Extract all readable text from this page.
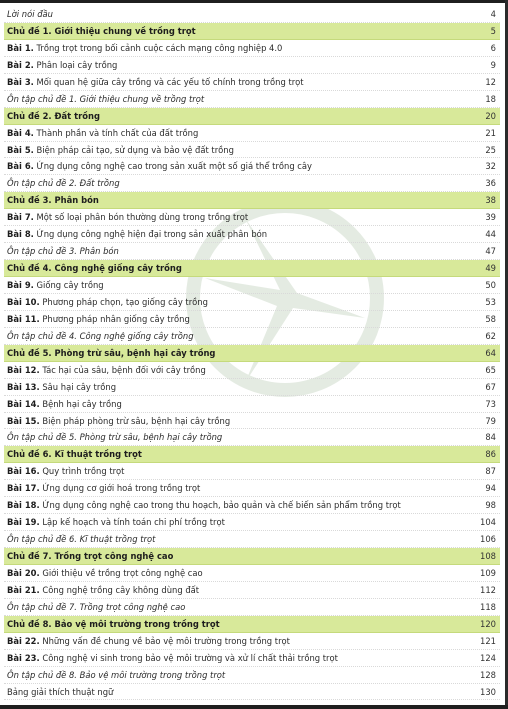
Lời nói đầu	4
Chủ đề 1. Giới thiệu chung về trồng trọt	5
Bài 1. Trồng trọt trong bối cảnh cuộc cách mạng công nghiệp 4.0	6
Bài 2. Phân loại cây trồng	9
Bài 3. Mối quan hệ giữa cây trồng và các yếu tố chính trong trồng trọt	12
Ôn tập chủ đề 1. Giới thiệu chung về trồng trọt	18
Chủ đề 2. Đất trồng	20
Bài 4. Thành phần và tính chất của đất trồng	21
Bài 5. Biện pháp cải tạo, sử dụng và bảo vệ đất trồng	25
Bài 6. Ứng dụng công nghệ cao trong sản xuất một số giá thể trồng cây	32
Ôn tập chủ đề 2. Đất trồng	36
Chủ đề 3. Phân bón	38
Bài 7. Một số loại phân bón thường dùng trong trồng trọt	39
Bài 8. Ứng dụng công nghệ hiện đại trong sản xuất phân bón	44
Ôn tập chủ đề 3. Phân bón	47
Chủ đề 4. Công nghệ giống cây trồng	49
Bài 9. Giống cây trồng	50
Bài 10. Phương pháp chọn, tạo giống cây trồng	53
Bài 11. Phương pháp nhân giống cây trồng	58
Ôn tập chủ đề 4. Công nghệ giống cây trồng	62
Chủ đề 5. Phòng trừ sâu, bệnh hại cây trồng	64
Bài 12. Tác hại của sâu, bệnh đối với cây trồng	65
Bài 13. Sâu hại cây trồng	67
Bài 14. Bệnh hại cây trồng	73
Bài 15. Biện pháp phòng trừ sâu, bệnh hại cây trồng	79
Ôn tập chủ đề 5. Phòng trừ sâu, bệnh hại cây trồng	84
Chủ đề 6. Kĩ thuật trồng trọt	86
Bài 16. Quy trình trồng trọt	87
Bài 17. Ứng dụng cơ giới hoá trong trồng trọt	94
Bài 18. Ứng dụng công nghệ cao trong thu hoạch, bảo quản và chế biến sản phẩm trồng trọt	98
Bài 19. Lập kế hoạch và tính toán chi phí trồng trọt	104
Ôn tập chủ đề 6. Kĩ thuật trồng trọt	106
Chủ đề 7. Trồng trọt công nghệ cao	108
Bài 20. Giới thiệu về trồng trọt công nghệ cao	109
Bài 21. Công nghệ trồng cây không dùng đất	112
Ôn tập chủ đề 7. Trồng trọt công nghệ cao	118
Chủ đề 8. Bảo vệ môi trường trong trồng trọt	120
Bài 22. Những vấn đề chung về bảo vệ môi trường trong trồng trọt	121
Bài 23. Công nghệ vi sinh trong bảo vệ môi trường và xử lí chất thải trồng trọt	124
Ôn tập chủ đề 8. Bảo vệ môi trường trong trồng trọt	128
Bảng giải thích thuật ngữ	130
